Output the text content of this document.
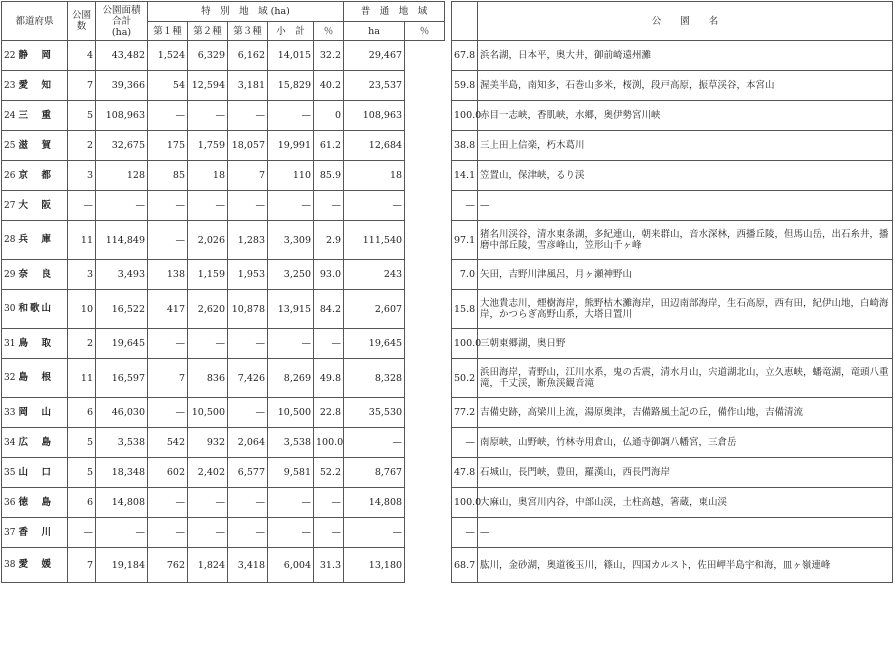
都道府県	公園数	公園面積合計
(ha)	特　別　地　域 (ha)					普　通　地　域	
			第１種	第２種	第３種	小　計	％	ha	％
22 静　岡	4	43,482	1,524	6,329	6,162	14,015	32.2	29,467	
23 愛　知	7	39,366	54	12,594	3,181	15,829	40.2	23,537	
24 三　重	5	108,963	—	—	—	—	0	108,963	
25 滋　賀	2	32,675	175	1,759	18,057	19,991	61.2	12,684	
26 京　都	3	128	85	18	7	110	85.9	18	
27 大　阪	—	—	—	—	—	—	—	—	
28 兵　庫	11	114,849	—	2,026	1,283	3,309	2.9	111,540	
29 奈　良	3	3,493	138	1,159	1,953	3,250	93.0	243	
30 和歌山	10	16,522	417	2,620	10,878	13,915	84.2	2,607	
31 鳥　取	2	19,645	—	—	—	—	—	19,645	
32 島　根	11	16,597	7	836	7,426	8,269	49.8	8,328	
33 岡　山	6	46,030	—	10,500	—	10,500	22.8	35,530	
34 広　島	5	3,538	542	932	2,064	3,538	100.0	—	
35 山　口	5	18,348	602	2,402	6,577	9,581	52.2	8,767	
36 徳　島	6	14,808	—	—	—	—	—	14,808	
37 香　川	—	—	—	—	—	—	—	—	
38 愛　媛	7	19,184	762	1,824	3,418	6,004	31.3	13,180	
	公　　園　　名
67.8	浜名湖，日本平，奥大井，御前崎遠州灘
59.8	渥美半島，南知多，石巻山多米，桜渕，段戸高原，振草渓谷，本宮山
100.0	赤目一志峡，香肌峡，水郷，奥伊勢宮川峡
38.8	三上田上信楽，朽木葛川
14.1	笠置山，保津峡，るり渓
—	—
97.1	猪名川渓谷，清水東条湖，多紀連山，朝来群山，音水深林，西播丘陵，但馬山岳，出石糸井，播磨中部丘陵，雪彦峰山，笠形山千ヶ峰
7.0	矢田，吉野川津風呂，月ヶ瀬神野山
15.8	大池貴志川，煙樹海岸，熊野枯木灘海岸，田辺南部海岸，生石高原，西有田，紀伊山地，白崎海岸，かつらぎ高野山系，大塔日置川
100.0	三朝東郷湖，奥日野
50.2	浜田海岸，青野山，江川水系，鬼の舌震，清水月山，宍道湖北山，立久恵峡，蟠竜湖，竜頭八重滝，千丈渓，断魚渓観音滝
77.2	吉備史跡，高梁川上流，湯原奥津，吉備路風土記の丘，備作山地，吉備清流
—	南原峡，山野峡，竹林寺用倉山，仏通寺御調八幡宮，三倉岳
47.8	石城山，長門峡，豊田，羅漢山，西長門海岸
100.0	大麻山，奥宮川内谷，中部山渓，土柱高越，箸蔵，東山渓
—	—
68.7	肱川，金砂湖，奥道後玉川，篠山，四国カルスト，佐田岬半島宇和海，皿ヶ嶺連峰
